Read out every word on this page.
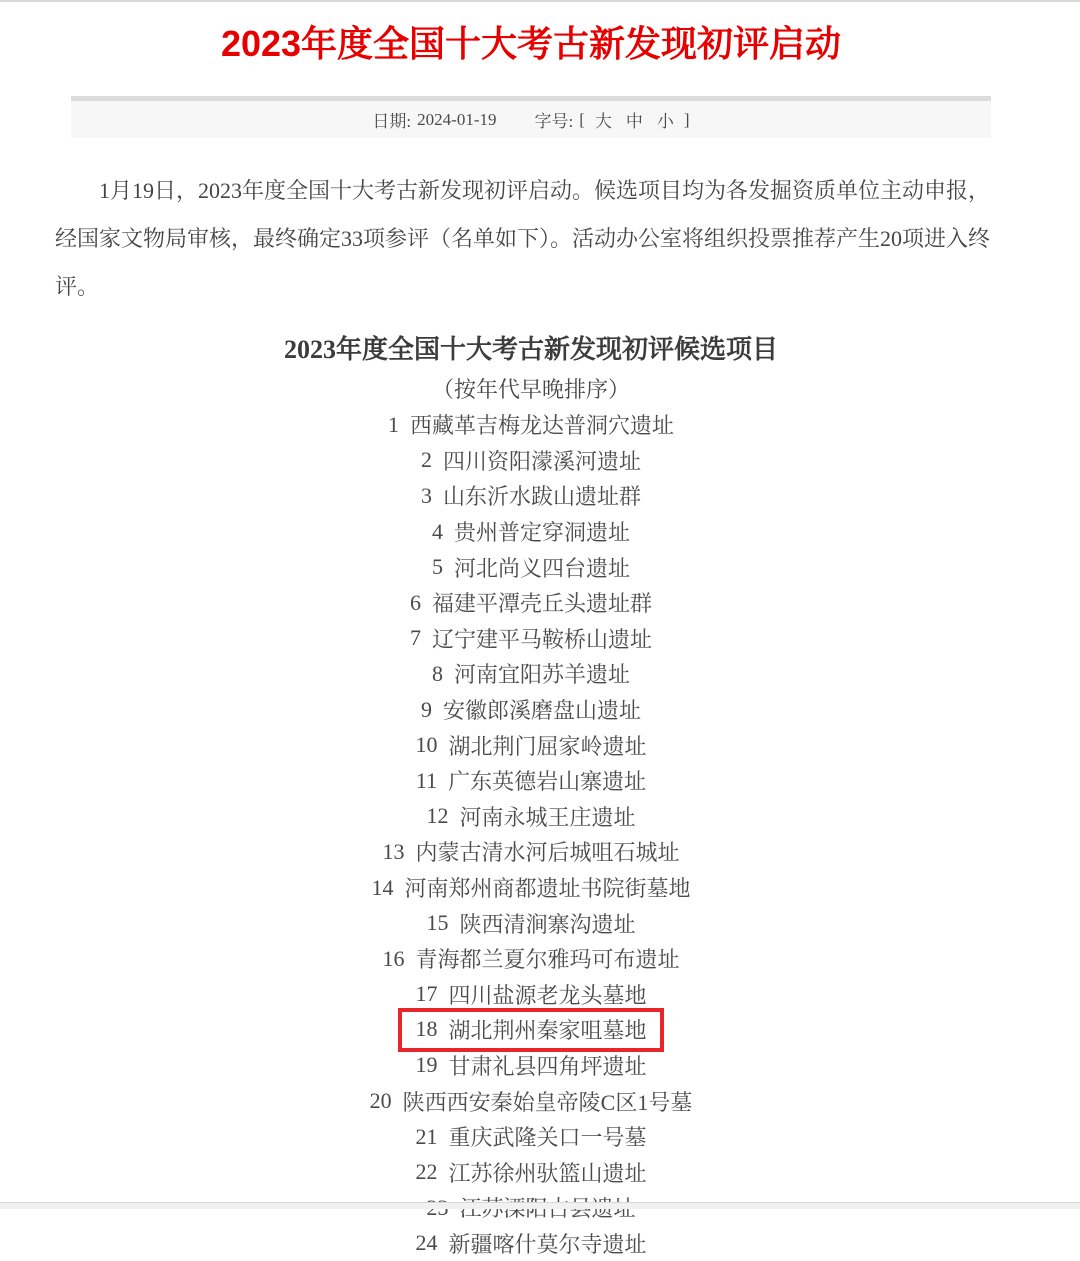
2023年度全国十大考古新发现初评启动
日期: 2024-01-19 字号: [ 大 中 小 ]

1月19日，2023年度全国十大考古新发现初评启动。候选项目均为各发掘资质单位主动申报，经国家文物局审核，最终确定33项参评（名单如下）。活动办公室将组织投票推荐产生20项进入终评。

2023年度全国十大考古新发现初评候选项目
（按年代早晚排序）
1 西藏革吉梅龙达普洞穴遗址
2 四川资阳濛溪河遗址
3 山东沂水跋山遗址群
4 贵州普定穿洞遗址
5 河北尚义四台遗址
6 福建平潭壳丘头遗址群
7 辽宁建平马鞍桥山遗址
8 河南宜阳苏羊遗址
9 安徽郎溪磨盘山遗址
10 湖北荆门屈家岭遗址
11 广东英德岩山寨遗址
12 河南永城王庄遗址
13 内蒙古清水河后城咀石城址
14 河南郑州商都遗址书院街墓地
15 陕西清涧寨沟遗址
16 青海都兰夏尔雅玛可布遗址
17 四川盐源老龙头墓地
18 湖北荆州秦家咀墓地
19 甘肃礼县四角坪遗址
20 陕西西安秦始皇帝陵C区1号墓
21 重庆武隆关口一号墓
22 江苏徐州驮篮山遗址
24 新疆喀什莫尔寺遗址
